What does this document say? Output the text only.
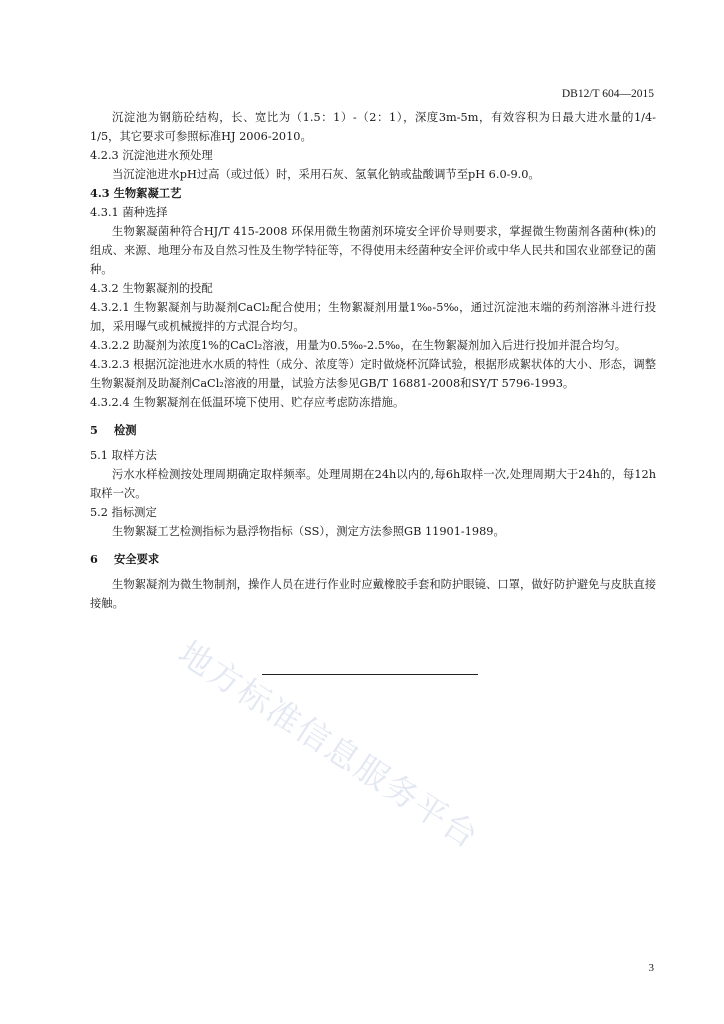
DB12/T 604—2015

沉淀池为钢筋砼结构，长、宽比为（1.5：1）-（2：1），深度3m-5m，有效容积为日最大进水量的1/4-1/5，其它要求可参照标准HJ 2006-2010。

4.2.3 沉淀池进水预处理

当沉淀池进水pH过高（或过低）时，采用石灰、氢氧化钠或盐酸调节至pH 6.0-9.0。

4.3 生物絮凝工艺

4.3.1 菌种选择

生物絮凝菌种符合HJ/T 415-2008 环保用微生物菌剂环境安全评价导则要求，掌握微生物菌剂各菌种(株)的组成、来源、地理分布及自然习性及生物学特征等，不得使用未经菌种安全评价或中华人民共和国农业部登记的菌种。

4.3.2 生物絮凝剂的投配

4.3.2.1 生物絮凝剂与助凝剂CaCl₂配合使用；生物絮凝剂用量1‰-5‰，通过沉淀池末端的药剂溶淋斗进行投加，采用曝气或机械搅拌的方式混合均匀。

4.3.2.2 助凝剂为浓度1%的CaCl₂溶液，用量为0.5‰-2.5‰，在生物絮凝剂加入后进行投加并混合均匀。

4.3.2.3 根据沉淀池进水水质的特性（成分、浓度等）定时做烧杯沉降试验，根据形成絮状体的大小、形态，调整生物絮凝剂及助凝剂CaCl₂溶液的用量，试验方法参见GB/T 16881-2008和SY/T 5796-1993。

4.3.2.4 生物絮凝剂在低温环境下使用、贮存应考虑防冻措施。

5 检测

5.1 取样方法

污水水样检测按处理周期确定取样频率。处理周期在24h以内的,每6h取样一次,处理周期大于24h的，每12h取样一次。

5.2 指标测定

生物絮凝工艺检测指标为悬浮物指标（SS），测定方法参照GB 11901-1989。

6 安全要求

生物絮凝剂为微生物制剂，操作人员在进行作业时应戴橡胶手套和防护眼镜、口罩，做好防护避免与皮肤直接接触。

地方标准信息服务平台
3
